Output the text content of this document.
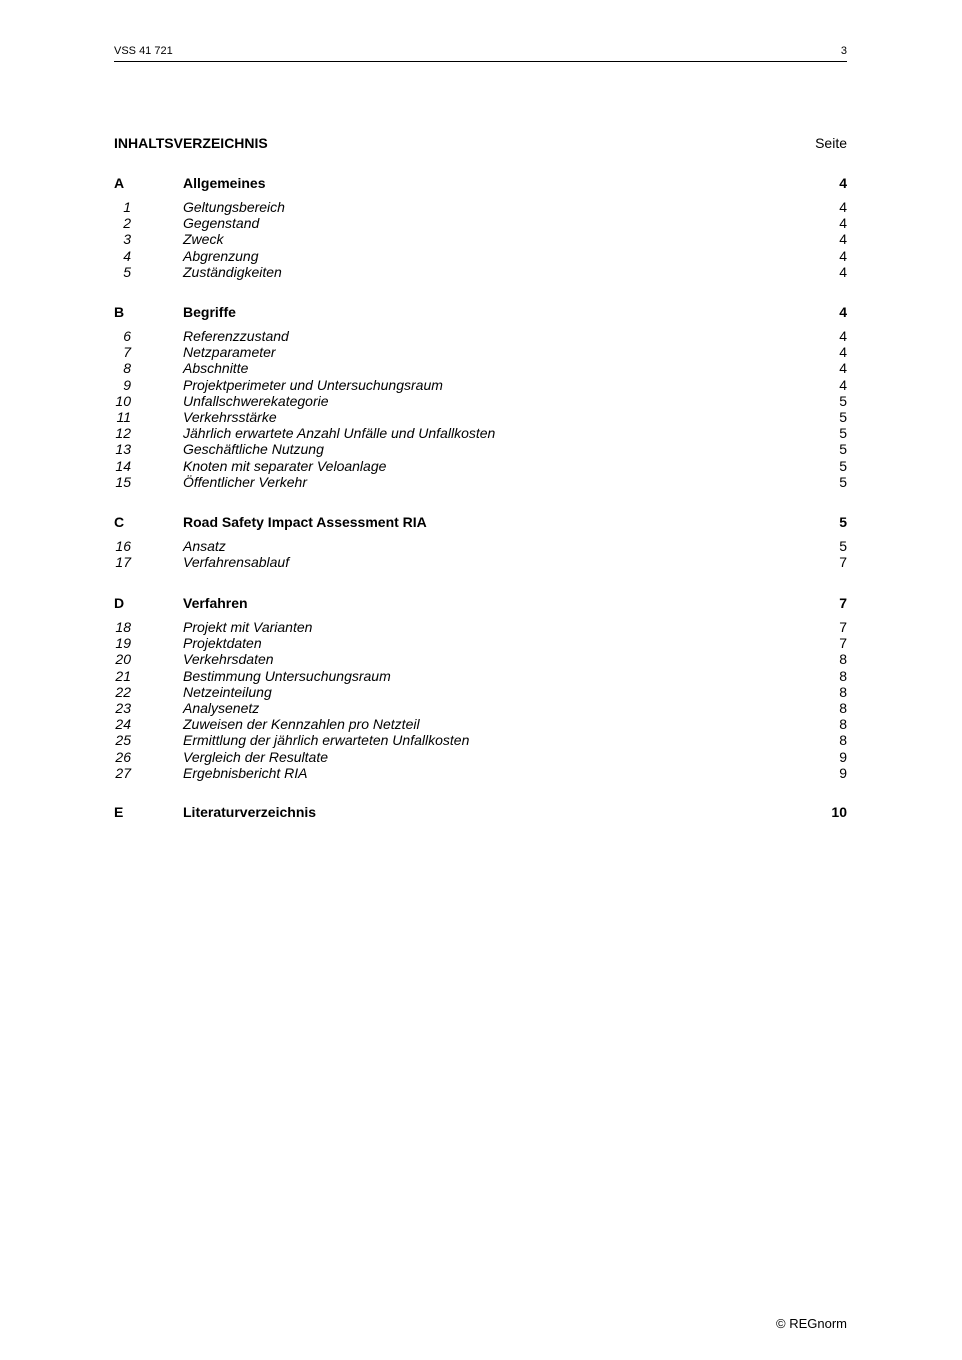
VSS 41 721	3
INHALTSVERZEICHNIS	Seite
A	Allgemeines	4
1	Geltungsbereich	4
2	Gegenstand	4
3	Zweck	4
4	Abgrenzung	4
5	Zuständigkeiten	4
B	Begriffe	4
6	Referenzzustand	4
7	Netzparameter	4
8	Abschnitte	4
9	Projektperimeter und Untersuchungsraum	4
10	Unfallschwerekategorie	5
11	Verkehrsstärke	5
12	Jährlich erwartete Anzahl Unfälle und Unfallkosten	5
13	Geschäftliche Nutzung	5
14	Knoten mit separater Veloanlage	5
15	Öffentlicher Verkehr	5
C	Road Safety Impact Assessment RIA	5
16	Ansatz	5
17	Verfahrensablauf	7
D	Verfahren	7
18	Projekt mit Varianten	7
19	Projektdaten	7
20	Verkehrsdaten	8
21	Bestimmung Untersuchungsraum	8
22	Netzeinteilung	8
23	Analysenetz	8
24	Zuweisen der Kennzahlen pro Netzteil	8
25	Ermittlung der jährlich erwarteten Unfallkosten	8
26	Vergleich der Resultate	9
27	Ergebnisbericht RIA	9
E	Literaturverzeichnis	10
© REGnorm
